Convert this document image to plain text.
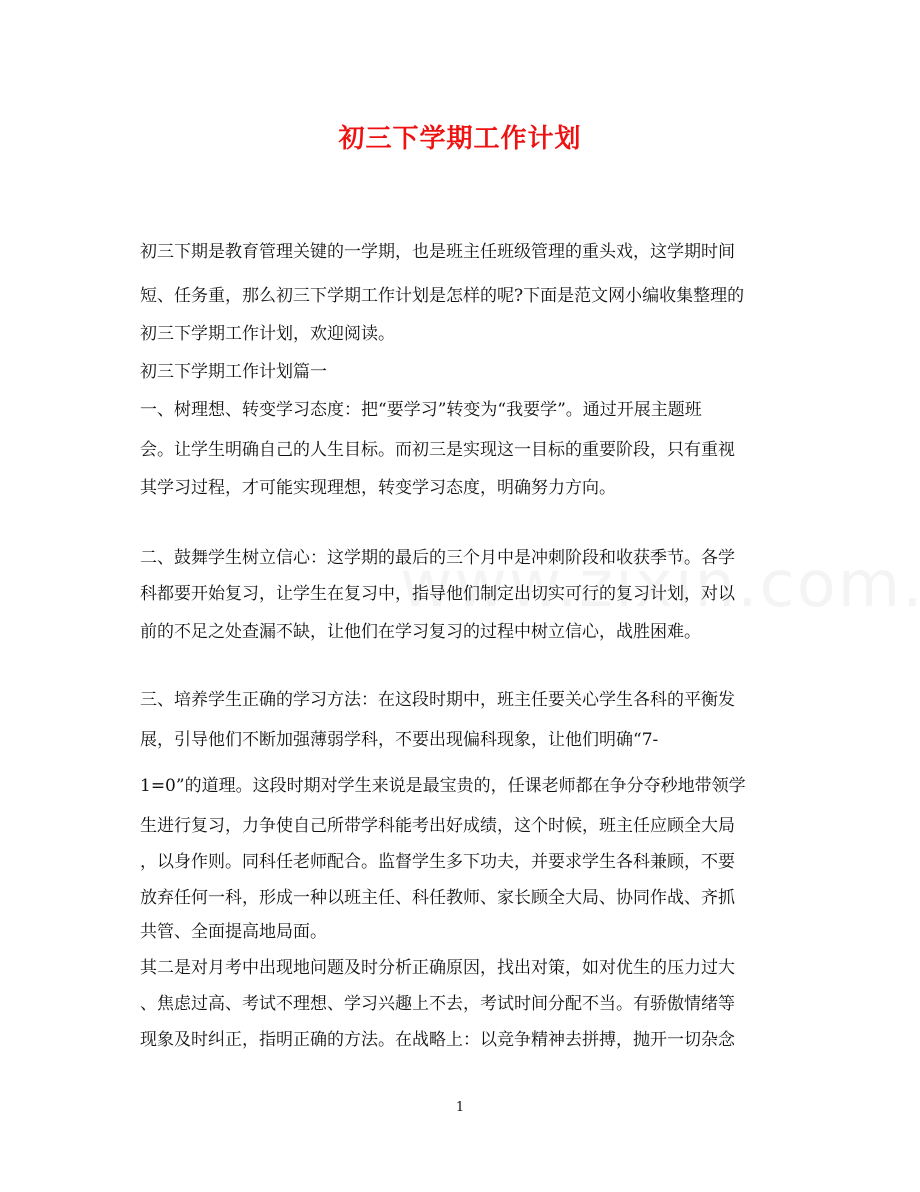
初三下学期工作计划
初三下期是教育管理关键的一学期，也是班主任班级管理的重头戏，这学期时间
短、任务重，那么初三下学期工作计划是怎样的呢?下面是范文网小编收集整理的
初三下学期工作计划，欢迎阅读。
初三下学期工作计划篇一
一、树理想、转变学习态度：把“要学习”转变为“我要学”。通过开展主题班
会。让学生明确自己的人生目标。而初三是实现这一目标的重要阶段，只有重视
其学习过程，才可能实现理想，转变学习态度，明确努力方向。
二、鼓舞学生树立信心：这学期的最后的三个月中是冲刺阶段和收获季节。各学
科都要开始复习，让学生在复习中，指导他们制定出切实可行的复习计划，对以
前的不足之处查漏不缺，让他们在学习复习的过程中树立信心，战胜困难。
三、培养学生正确的学习方法：在这段时期中，班主任要关心学生各科的平衡发
展，引导他们不断加强薄弱学科，不要出现偏科现象，让他们明确“7-
1=0”的道理。这段时期对学生来说是最宝贵的，任课老师都在争分夺秒地带领学
生进行复习，力争使自己所带学科能考出好成绩，这个时候，班主任应顾全大局
，以身作则。同科任老师配合。监督学生多下功夫，并要求学生各科兼顾，不要
放弃任何一科，形成一种以班主任、科任教师、家长顾全大局、协同作战、齐抓
共管、全面提高地局面。
其二是对月考中出现地问题及时分析正确原因，找出对策，如对优生的压力过大
、焦虑过高、考试不理想、学习兴趣上不去，考试时间分配不当。有骄傲情绪等
现象及时纠正，指明正确的方法。在战略上：以竞争精神去拼搏，抛开一切杂念
1
